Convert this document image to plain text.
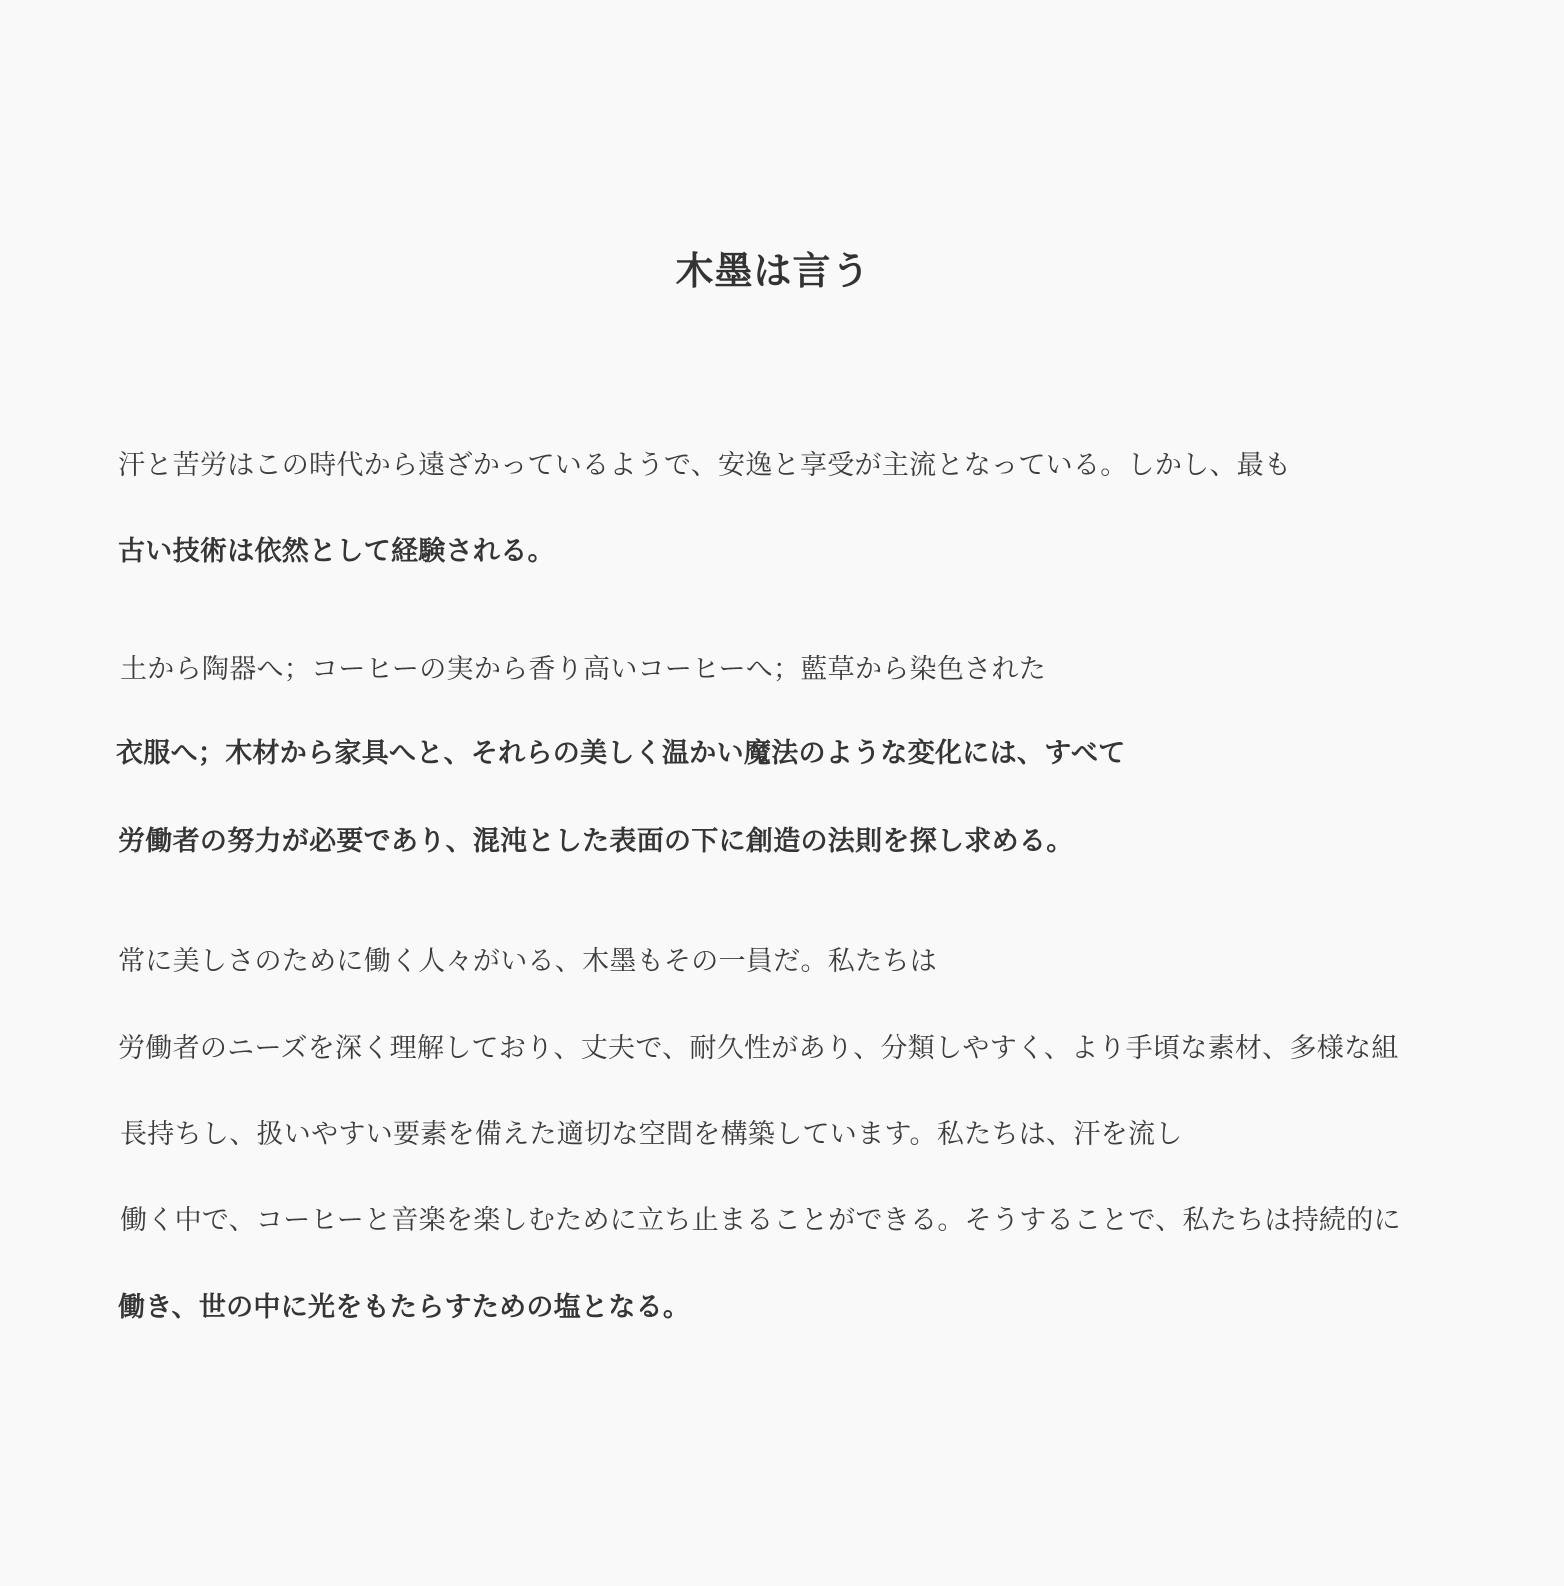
木墨は言う

汗と苦労はこの時代から遠ざかっているようで、安逸と享受が主流となっている。しかし、最も

古い技術は依然として経験される。

土から陶器へ；コーヒーの実から香り高いコーヒーへ；藍草から染色された

衣服へ；木材から家具へと、それらの美しく温かい魔法のような変化には、すべて

労働者の努力が必要であり、混沌とした表面の下に創造の法則を探し求める。

常に美しさのために働く人々がいる、木墨もその一員だ。私たちは

労働者のニーズを深く理解しており、丈夫で、耐久性があり、分類しやすく、より手頃な素材、多様な組

長持ちし、扱いやすい要素を備えた適切な空間を構築しています。私たちは、汗を流し

働く中で、コーヒーと音楽を楽しむために立ち止まることができる。そうすることで、私たちは持続的に

働き、世の中に光をもたらすための塩となる。
